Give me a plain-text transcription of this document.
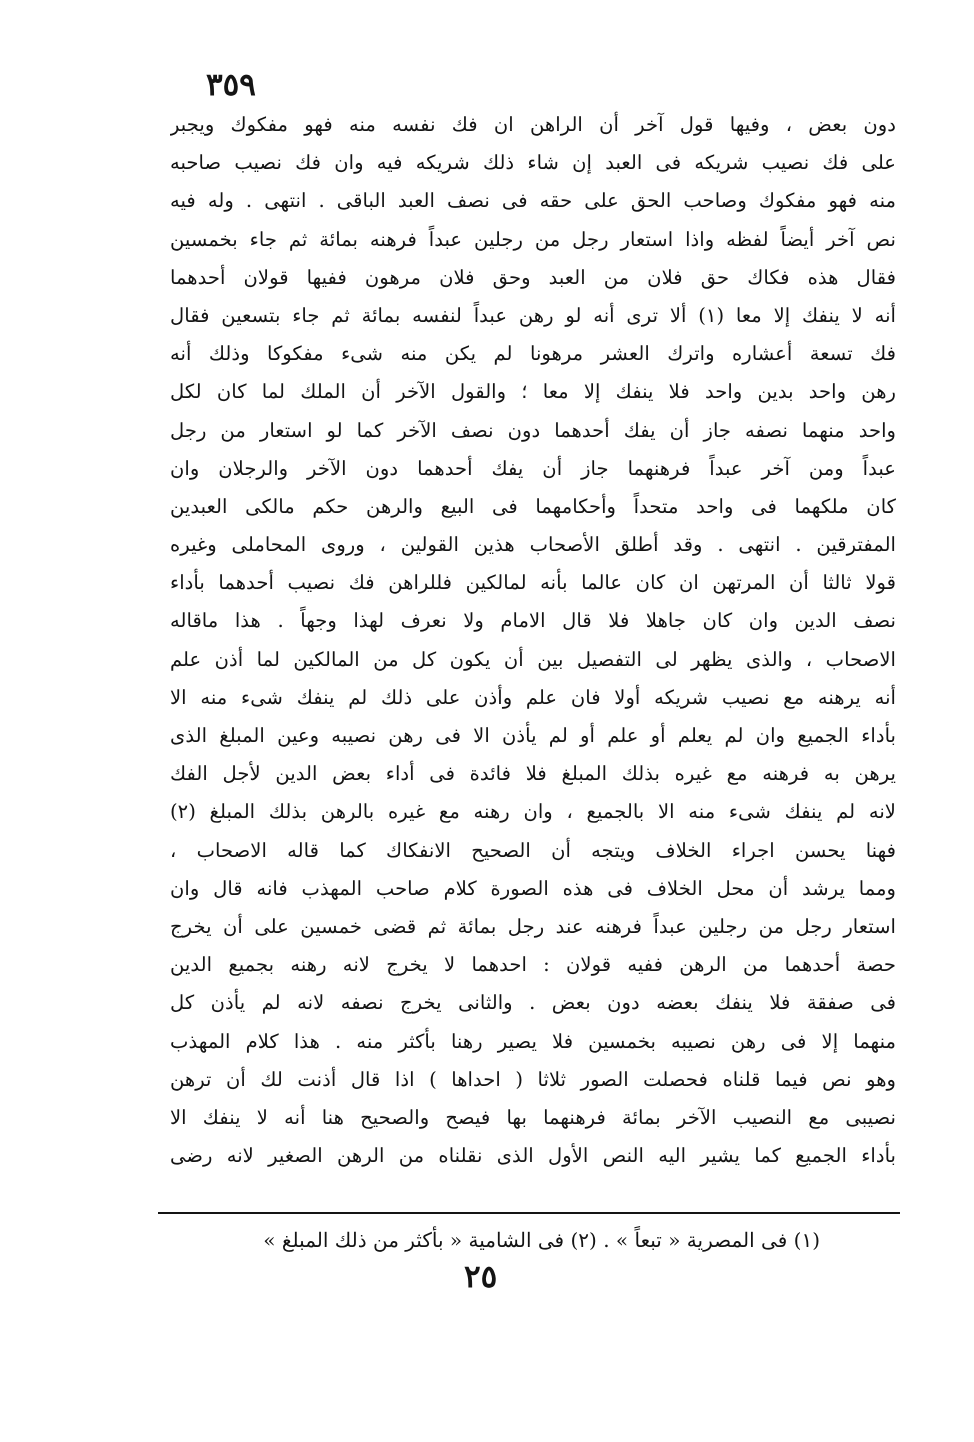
٣٥٩
دون بعض ، وفيها قول آخر أن الراهن ان فك نفسه منه فهو مفكوك ويجبر
على فك نصيب شريكه فى العبد إن شاء ذلك شريكه فيه وان فك نصيب صاحبه
منه فهو مفكوك وصاحب الحق على حقه فى نصف العبد الباقى . انتهى . وله فيه
نص آخر أيضاً لفظه واذا استعار رجل من رجلين عبداً فرهنه بمائة ثم جاء بخمسين
فقال هذه فكاك حق فلان من العبد وحق فلان مرهون ففيها قولان أحدهما
أنه لا ينفك إلا معا (١) ألا ترى أنه لو رهن عبداً لنفسه بمائة ثم جاء بتسعين فقال
فك تسعة أعشاره واترك العشر مرهونا لم يكن منه شىء مفكوكا وذلك أنه
رهن واحد بدين واحد فلا ينفك إلا معا ؛ والقول الآخر أن الملك لما كان لكل
واحد منهما نصفه جاز أن يفك أحدهما دون نصف الآخر كما لو استعار من رجل
عبداً ومن آخر عبداً فرهنهما جاز أن يفك أحدهما دون الآخر والرجلان وان
كان ملكهما فى واحد متحداً وأحكامهما فى البيع والرهن حكم مالكى العبدين
المفترقين . انتهى . وقد أطلق الأصحاب هذين القولين ، وروى المحاملى وغيره
قولا ثالثا أن المرتهن ان كان عالما بأنه لمالكين فللراهن فك نصيب أحدهما بأداء
نصف الدين وان كان جاهلا فلا قال الامام ولا نعرف لهذا وجهاً . هذا ماقاله
الاصحاب ، والذى يظهر لى التفصيل بين أن يكون كل من المالكين لما أذن علم
أنه يرهنه مع نصيب شريكه أولا فان علم وأذن على ذلك لم ينفك شىء منه الا
بأداء الجميع وان لم يعلم أو علم أو لم يأذن الا فى رهن نصيبه وعين المبلغ الذى
يرهن به فرهنه مع غيره بذلك المبلغ فلا فائدة فى أداء بعض الدين لأجل الفك
لانه لم ينفك شىء منه الا بالجميع ، وان رهنه مع غيره بالرهن بذلك المبلغ (٢)
فهنا يحسن اجراء الخلاف ويتجه أن الصحيح الانفكاك كما قاله الاصحاب ،
ومما يرشد أن محل الخلاف فى هذه الصورة كلام صاحب المهذب فانه قال وان
استعار رجل من رجلين عبداً فرهنه عند رجل بمائة ثم قضى خمسين على أن يخرج
حصة أحدهما من الرهن ففيه قولان : احدهما لا يخرج لانه رهنه بجميع الدين
فى صفقة فلا ينفك بعضه دون بعض . والثانى يخرج نصفه لانه لم يأذن كل
منهما إلا فى رهن نصيبه بخمسين فلا يصير رهنا بأكثر منه . هذا كلام المهذب
وهو نص فيما قلناه فحصلت الصور ثلاثا ( احداها ) اذا قال أذنت لك أن ترهن
نصيبى مع النصيب الآخر بمائة فرهنهما بها فيصح والصحيح هنا أنه لا ينفك الا
بأداء الجميع كما يشير اليه النص الأول الذى نقلناه من الرهن الصغير لانه رضى
(١) فى المصرية « تبعاً » . (٢) فى الشامية « بأكثر من ذلك المبلغ »
٢٥
